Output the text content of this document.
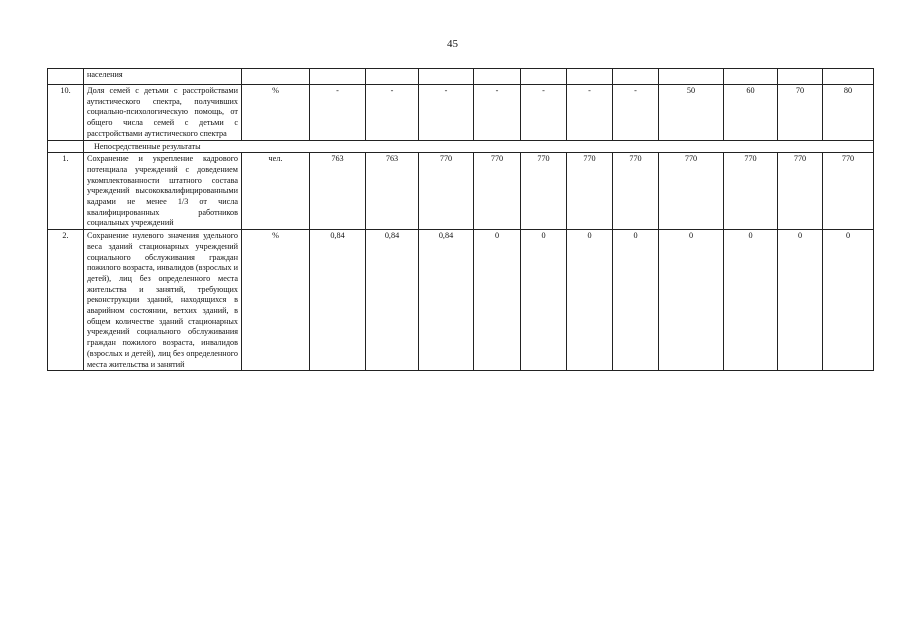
45
	населения												
10.	Доля семей с детьми с расстройствами аутистического спектра, получивших социально-психологическую помощь, от общего числа семей с детьми с расстройствами аутистического спектра	%	-	-	-	-	-	-	-	50	60	70	80
	Непосредственные результаты												
1.	Сохранение и укрепление кадрового потенциала учреждений с доведением укомплектованности штатного состава учреждений высококвалифицированными кадрами не менее 1/3 от числа квалифицированных работников социальных учреждений	чел.	763	763	770	770	770	770	770	770	770	770	770
2.	Сохранение нулевого значения удельного веса зданий стационарных учреждений социального обслуживания граждан пожилого возраста, инвалидов (взрослых и детей), лиц без определенного места жительства и занятий, требующих реконструкции зданий, находящихся в аварийном состоянии, ветхих зданий, в общем количестве зданий стационарных учреждений социального обслуживания граждан пожилого возраста, инвалидов (взрослых и детей), лиц без определенного места жительства и занятий	%	0,84	0,84	0,84	0	0	0	0	0	0	0	0
